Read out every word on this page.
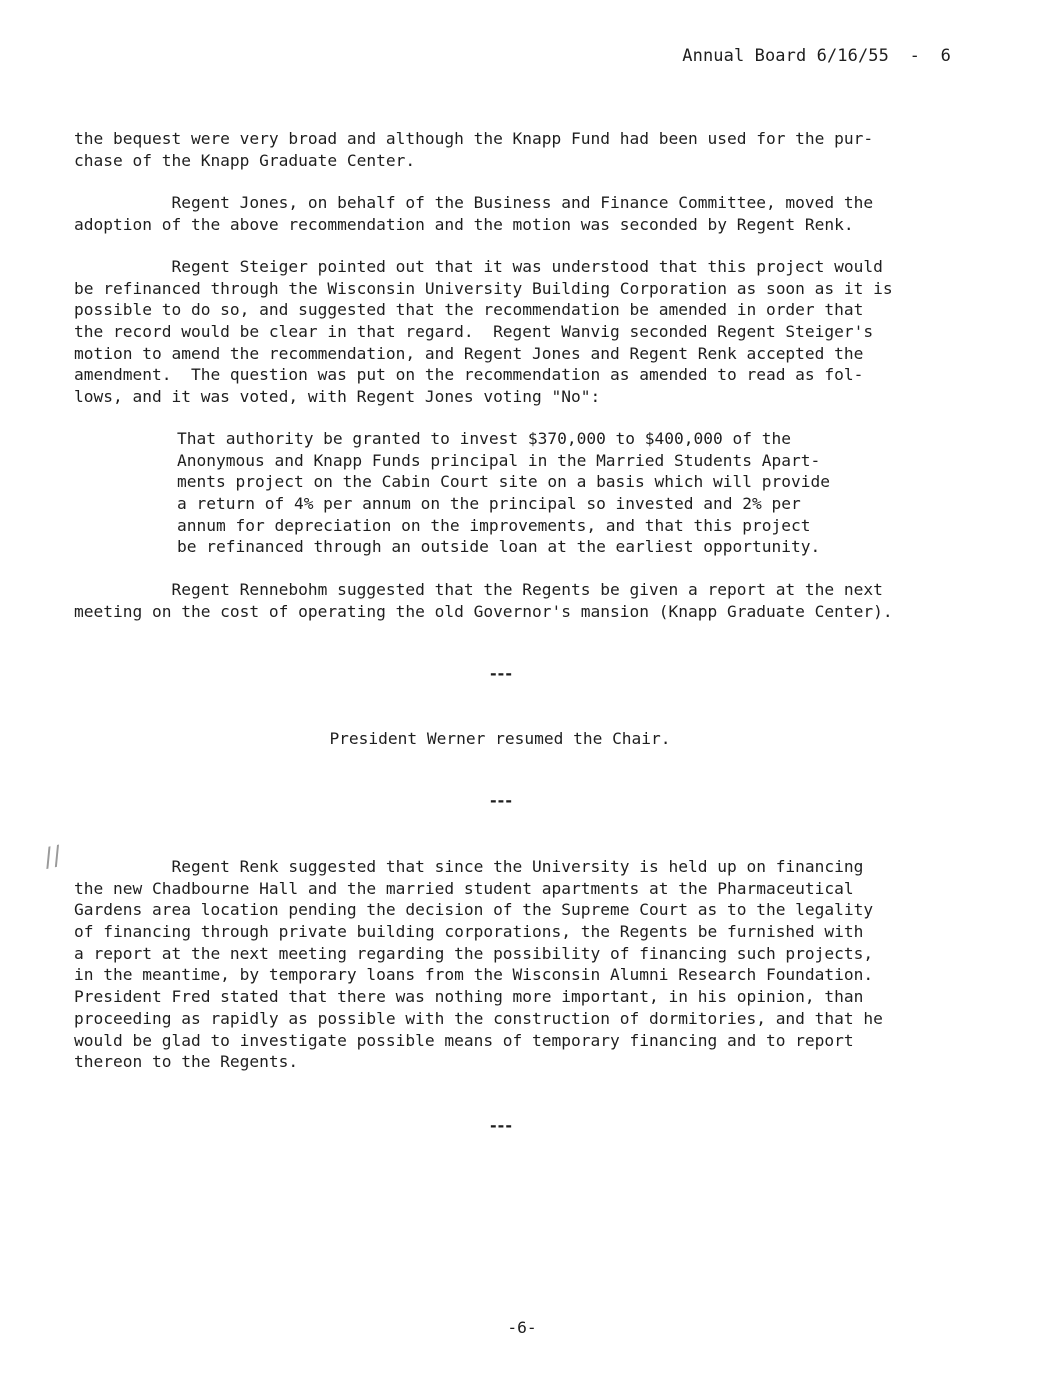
Annual Board 6/16/55  -  6
the bequest were very broad and although the Knapp Fund had been used for the pur-
chase of the Knapp Graduate Center.
Regent Jones, on behalf of the Business and Finance Committee, moved the
adoption of the above recommendation and the motion was seconded by Regent Renk.
Regent Steiger pointed out that it was understood that this project would
be refinanced through the Wisconsin University Building Corporation as soon as it is
possible to do so, and suggested that the recommendation be amended in order that
the record would be clear in that regard.  Regent Wanvig seconded Regent Steiger's
motion to amend the recommendation, and Regent Jones and Regent Renk accepted the
amendment.  The question was put on the recommendation as amended to read as fol-
lows, and it was voted, with Regent Jones voting "No":
That authority be granted to invest $370,000 to $400,000 of the
Anonymous and Knapp Funds principal in the Married Students Apart-
ments project on the Cabin Court site on a basis which will provide
a return of 4% per annum on the principal so invested and 2% per
annum for depreciation on the improvements, and that this project
be refinanced through an outside loan at the earliest opportunity.
Regent Rennebohm suggested that the Regents be given a report at the next
meeting on the cost of operating the old Governor's mansion (Knapp Graduate Center).
---
President Werner resumed the Chair.
---
// Regent Renk suggested that since the University is held up on financing
the new Chadbourne Hall and the married student apartments at the Pharmaceutical
Gardens area location pending the decision of the Supreme Court as to the legality
of financing through private building corporations, the Regents be furnished with
a report at the next meeting regarding the possibility of financing such projects,
in the meantime, by temporary loans from the Wisconsin Alumni Research Foundation.
President Fred stated that there was nothing more important, in his opinion, than
proceeding as rapidly as possible with the construction of dormitories, and that he
would be glad to investigate possible means of temporary financing and to report
thereon to the Regents.
---
-6-
